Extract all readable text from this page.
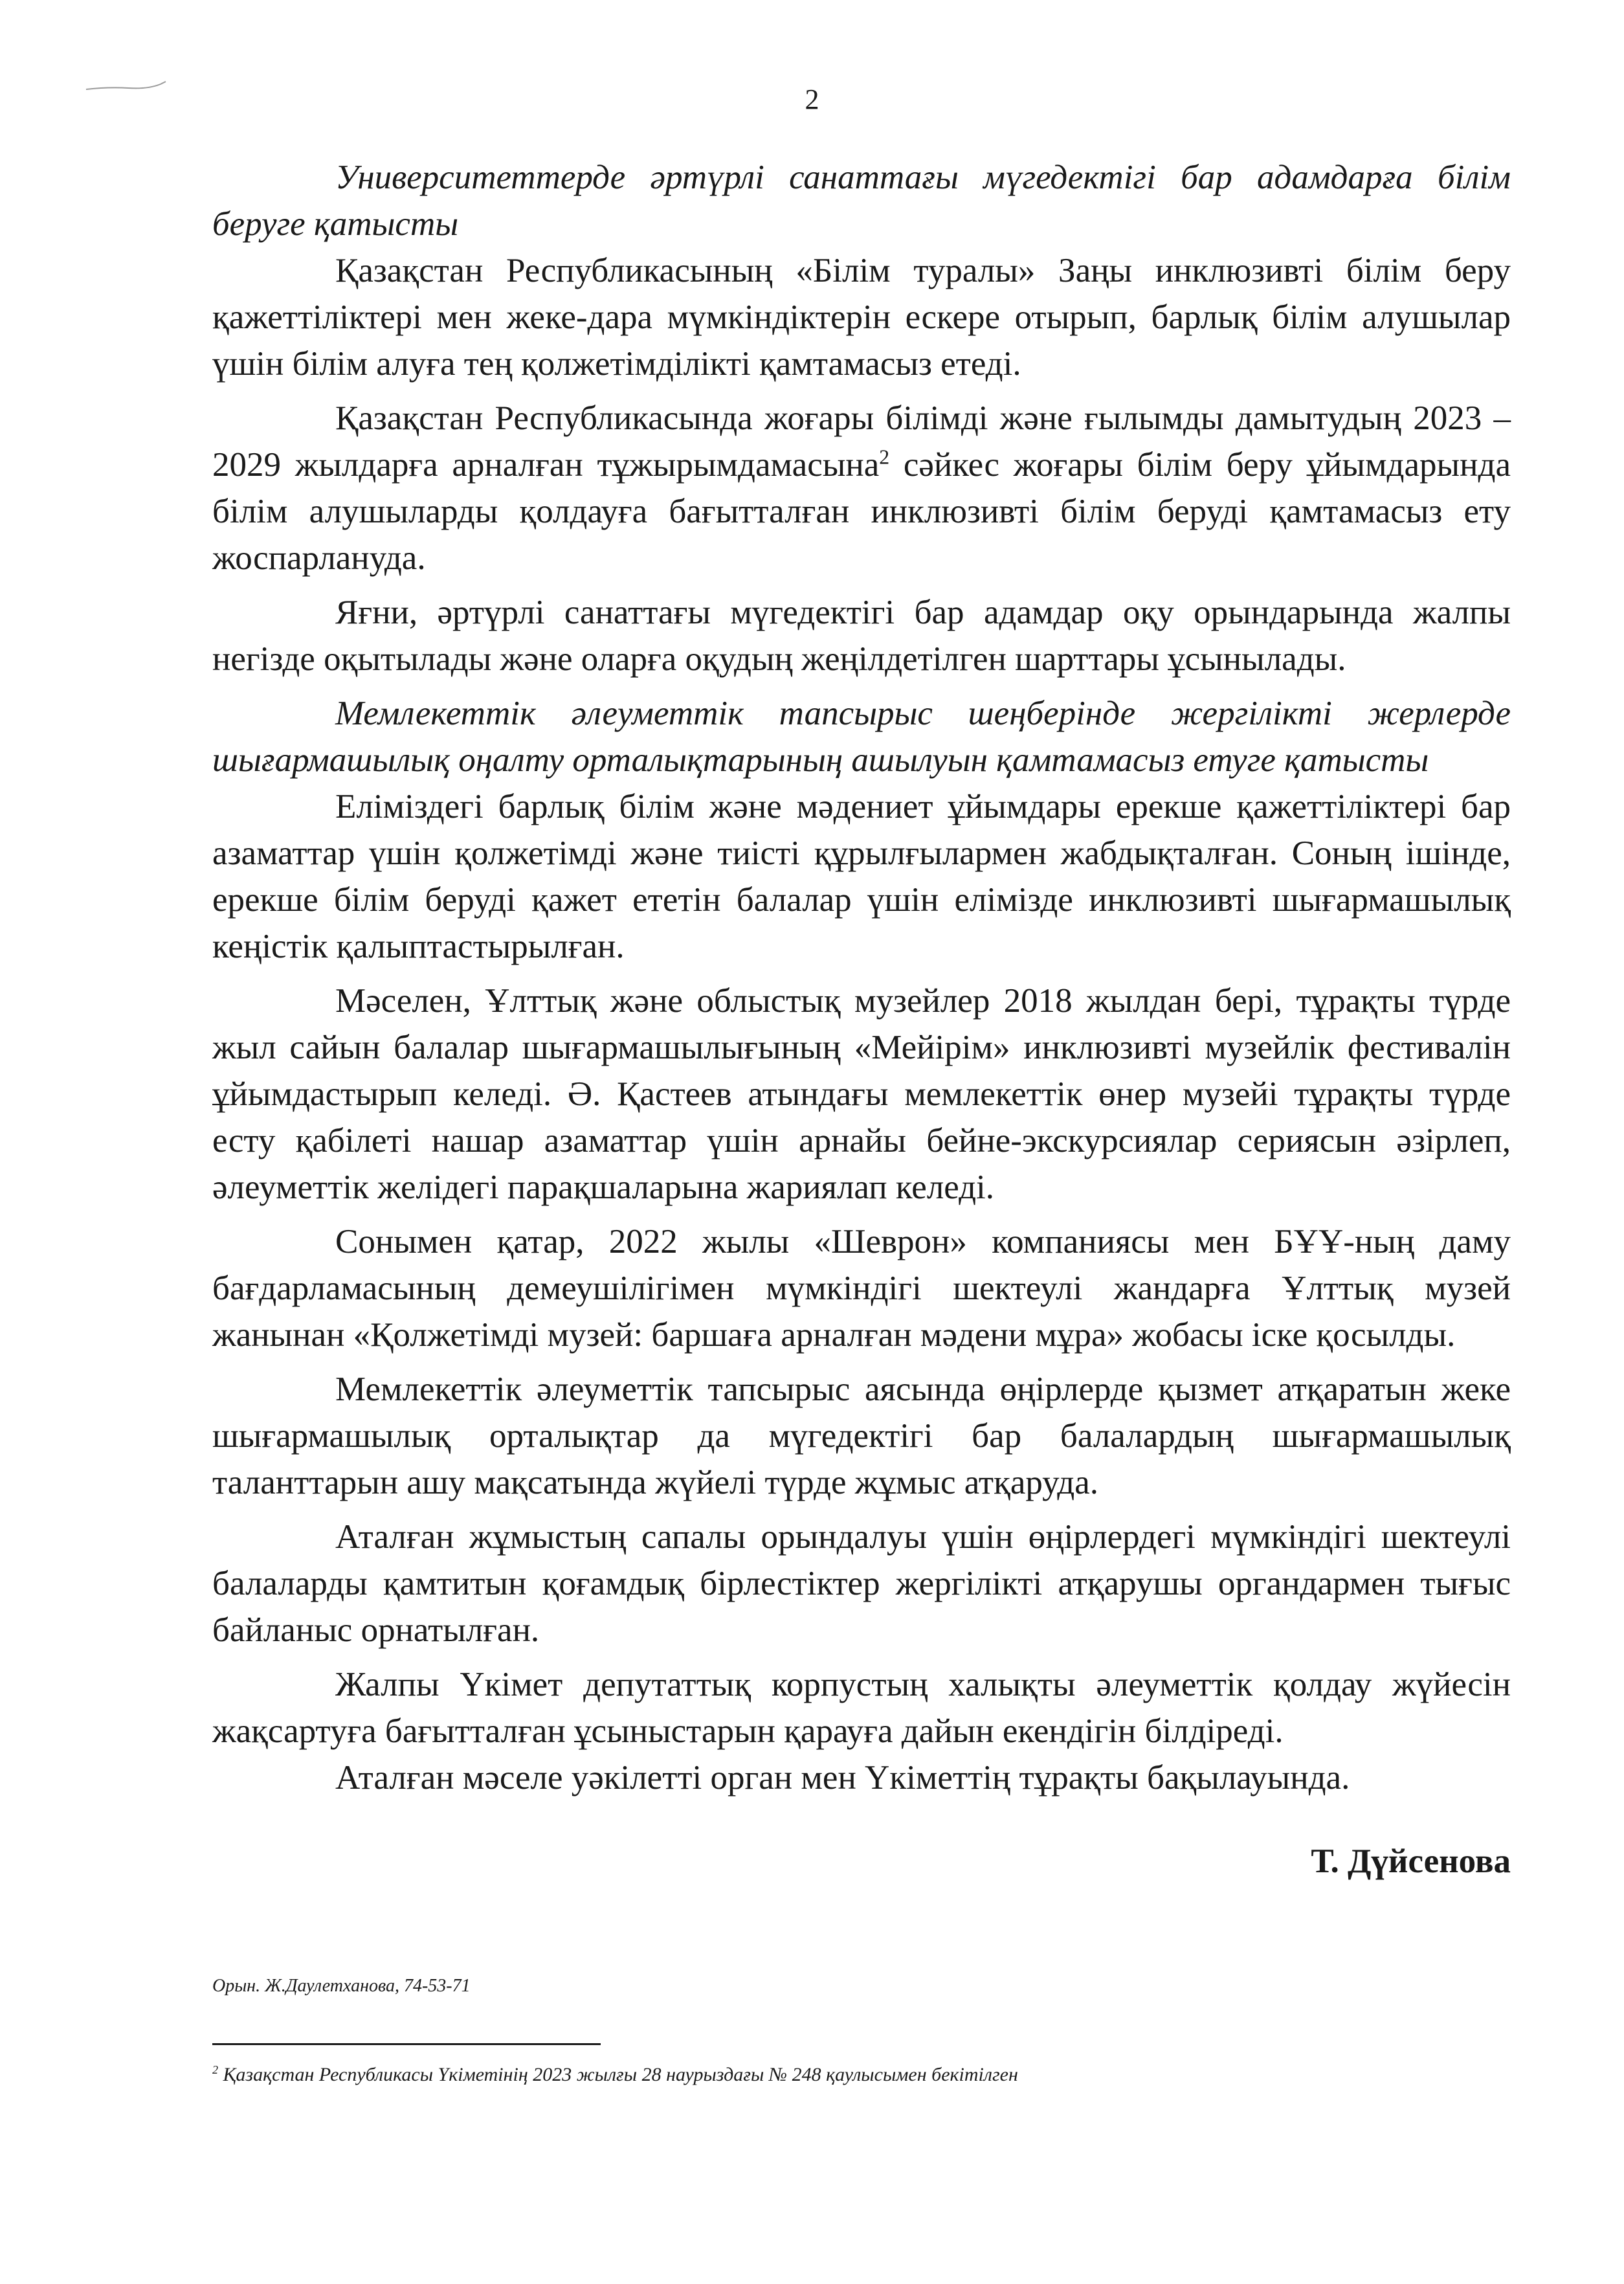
2

Университеттерде әртүрлі санаттағы мүгедектігі бар адамдарға білім беруге қатысты

Қазақстан Республикасының «Білім туралы» Заңы инклюзивті білім беру қажеттіліктері мен жеке-дара мүмкіндіктерін ескере отырып, барлық білім алушылар үшін білім алуға тең қолжетімділікті қамтамасыз етеді.

Қазақстан Республикасында жоғары білімді және ғылымды дамытудың 2023 – 2029 жылдарға арналған тұжырымдамасына$^2$ сәйкес жоғары білім беру ұйымдарында білім алушыларды қолдауға бағытталған инклюзивті білім беруді қамтамасыз ету жоспарлануда.

Яғни, әртүрлі санаттағы мүгедектігі бар адамдар оқу орындарында жалпы негізде оқытылады және оларға оқудың жеңілдетілген шарттары ұсынылады.

Мемлекеттік әлеуметтік тапсырыс шеңберінде жергілікті жерлерде шығармашылық оңалту орталықтарының ашылуын қамтамасыз етуге қатысты

Еліміздегі барлық білім және мәдениет ұйымдары ерекше қажеттіліктері бар азаматтар үшін қолжетімді және тиісті құрылғылармен жабдықталған. Соның ішінде, ерекше білім беруді қажет ететін балалар үшін елімізде инклюзивті шығармашылық кеңістік қалыптастырылған.

Мәселен, Ұлттық және облыстық музейлер 2018 жылдан бері, тұрақты түрде жыл сайын балалар шығармашылығының «Мейірім» инклюзивті музейлік фестивалін ұйымдастырып келеді. Ә. Қастеев атындағы мемлекеттік өнер музейі тұрақты түрде есту қабілеті нашар азаматтар үшін арнайы бейне-экскурсиялар сериясын әзірлеп, әлеуметтік желідегі парақшаларына жариялап келеді.

Сонымен қатар, 2022 жылы «Шеврон» компаниясы мен БҰҰ-ның даму бағдарламасының демеушілігімен мүмкіндігі шектеулі жандарға Ұлттық музей жанынан «Қолжетімді музей: баршаға арналған мәдени мұра» жобасы іске қосылды.

Мемлекеттік әлеуметтік тапсырыс аясында өңірлерде қызмет атқаратын жеке шығармашылық орталықтар да мүгедектігі бар балалардың шығармашылық таланттарын ашу мақсатында жүйелі түрде жұмыс атқаруда.

Аталған жұмыстың сапалы орындалуы үшін өңірлердегі мүмкіндігі шектеулі балаларды қамтитын қоғамдық бірлестіктер жергілікті атқарушы органдармен тығыс байланыс орнатылған.

Жалпы Үкімет депутаттық корпустың халықты әлеуметтік қолдау жүйесін жақсартуға бағытталған ұсыныстарын қарауға дайын екендігін білдіреді.

Аталған мәселе уәкілетті орган мен Үкіметтің тұрақты бақылауында.

Т. Дүйсенова
Орын. Ж.Даулетханова, 74-53-71
$^2$ Қазақстан Республикасы Үкіметінің 2023 жылғы 28 наурыздағы № 248 қаулысымен бекітілген
